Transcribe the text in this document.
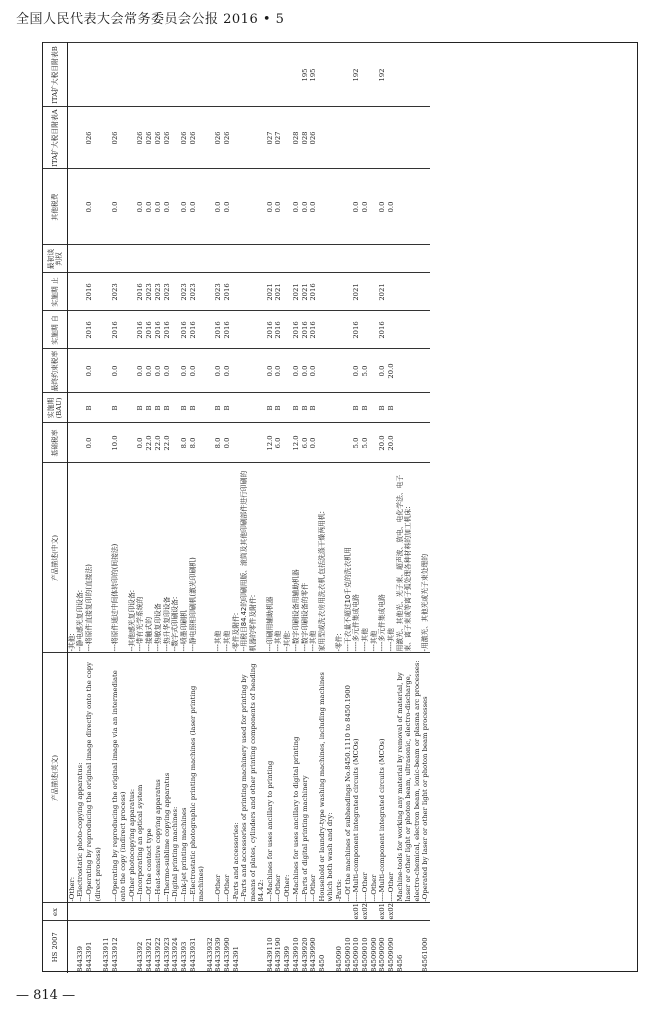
全国人民代表大会常务委员会公报 2016 • 5
HS 2007	ex	产品描述(英文)	产品描述(中文)	基础税率	实施期(BAU)	最终约束税率	实施期 自	实施期 止	最初谈判权	其他税费	ITA扩大税目附表A	ITA扩大税目附表B
		-Other:	-其他:									
844339		--Electrostatic photo-copying apparatus:	--静电感光复印设备:									
8443391		---Operating by reproducing the original image directly onto the copy (direct process)	---将原件直接复印的(直接法)	0.0	B	0.0	2016	2016		0.0	026	
84433911												
84433912		---Operating by reproducing the original image via an intermediate onto the copy (indirect process)	---将原件通过中间体转印的(间接法)	10.0	B	0.0	2016	2023		0.0	026	
		--Other photocopying apparatus:	--其他感光复印设备:									
8443392		---Incorporating an optical system	---带有光学系统的	0.0	B	0.0	2016	2016		0.0	026	
84433921		---Of the contact type	---接触式的	22.0	B	0.0	2016	2023		0.0	026	
84433922		---Heat-sensitive copying apparatus	---热敏复印设备	22.0	B	0.0	2016	2023		0.0	026	
84433923		---Thermo-sublime copying apparatus	---热升华复印设备	22.0	B	0.0	2016	2023		0.0	026	
84433924		--Digital printing machines:	--数字式印刷设备:									
8443393		---Ink-jet printing machines	---喷墨印刷机	8.0	B	0.0	2016	2023		0.0	026	
84433931		---Electrostatic photographic printing machines (laser printing machines)	---静电照相印刷机(激光印刷机)	8.0	B	0.0	2016	2023		0.0	026	
84433932												
84433939		---Other	---其他	8.0	B	0.0	2016	2023		0.0	026	
84433990		---Other	---其他	0.0	B	0.0	2016	2016		0.0	026	
844391		-Parts and accessories:	-零件及附件:									
		--Parts and accessories of printing machinery used for printing by means of plates, cylinders and other printing components of heading 84.42:	--用税目84.42的印刷用版、滚筒及其他印刷部件进行印刷的机器的零件及附件:									
84439110		---Machines for uses ancillary to printing	---印刷用辅助机器	12.0	B	0.0	2016	2021		0.0	027	
84439190		---Other	---其他	6.0	B	0.0	2016	2021		0.0	027	
844399		--Other:	--其他:									
84439910		---Machines for uses ancillary to digital printing	---数字印刷设备用辅助机器	12.0	B	0.0	2016	2021		0.0	028	
84439920		---Parts of digital printing machinery	---数字印刷设备的零件	6.0	B	0.0	2016	2021		0.0	028	195
84439990		---Other	---其他	0.0	B	0.0	2016	2016		0.0	026	195
8450		Household or laundry-type washing machines, including machines which both wash and dry:	家用型或洗衣房用洗衣机,包括洗涤干燥两用机:									
845090		-Parts:	-零件:									
84509010		---Of the machines of subheadings No.8450.1110 to 8450.1900	---干衣量不超过10千克的洗衣机用									
84509010	ex01	----Multi-component integrated circuits (MCOs)	----多元件集成电路	5.0	B	0.0	2016	2021		0.0		192
84509010	ex02	----Other	----其他	5.0	B	5.0				0.0		
84509090		---Other	---其他									
84509090	ex01	----Multi-component integrated circuits (MCOs)	----多元件集成电路	20.0	B	0.0	2016	2021		0.0		192
84509090	ex02	----Other	----其他	20.0	B	20.0				0.0		
8456		Machine-tools for working any material by removal of material, by laser or other light or photon beam, ultrasonic, electro-discharge, electro-chemical, electron beam, ionic-beam or plasma arc processes:	用激光、其他光、光子束、超声波、放电、电化学法、电子束、离子束或等离子弧处理各种材料的加工机床:									
84561000		-Operated by laser or other light or photon beam processes	-用激光、其他光或光子束处理的									
— 814 —
